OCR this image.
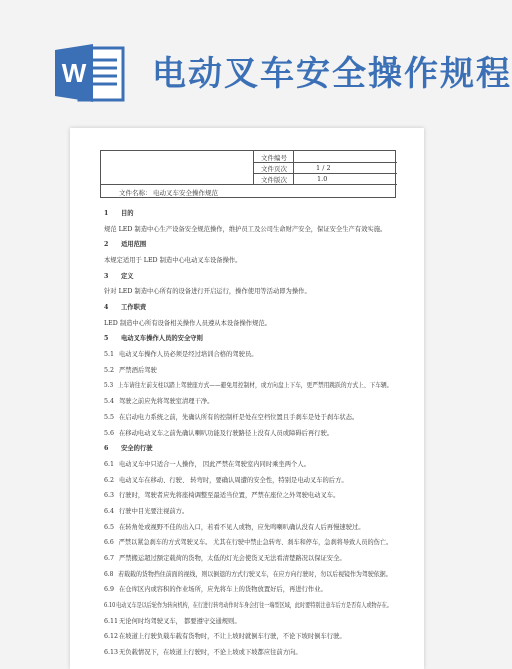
W 电动叉车安全操作规程
文件编号
文件页次	1 / 2
文件版次	1.0
文件名称： 电动叉车安全操作规范
1 目的
规范 LED 制造中心生产设备安全规范操作，维护员工及公司生命财产安全，保证安全生产有效实施。
2 适用范围
本规定适用于 LED 制造中心电动叉车设备操作。
3 定义
针对 LED 制造中心所有的设备进行开启运行，操作使用等活动即为操作。
4 工作职责
LED 制造中心所有设备相关操作人员遵从本设备操作规范。
5 电动叉车操作人员的安全守则
5.1 电动叉车操作人员必须是经过培训合格的驾驶员。
5.2 严禁酒后驾驶
5.3 上车请往左前支柱以踏上驾驶座方式——避免用控制材，或方向盘上下车，更严禁用跳跃的方式上、下车辆。
5.4 驾驶之前应先将驾驶室清理干净。
5.5 在启动电力系统之前，先确认所有的控制杆是处在空档位置且手刹车是处于刹车状态。
5.6 在移动电动叉车之前先确认喇叭功能及行驶路径上没有人员或障碍后再行驶。
6 安全的行驶
6.1 电动叉车中只适合一人操作， 因此严禁在驾驶室内同时乘坐两个人。
6.2 电动叉车在移动、行驶、 转弯时，要确认周遭的安全性，特别是电动叉车的后方。
6.3 行驶时，驾驶者应先将座椅调整至最适当位置，严禁在座位之外驾驶电动叉车。
6.4 行驶中目光要注视前方。
6.5 在转角处或视野不佳的出入口，若看不见人或物，应先鸣喇叭确认没有人后再慢速驶过。
6.6 严禁以紧急刹车的方式驾驶叉车。 尤其在行驶中禁止急转弯、刹车和停车，急刹将导致人员的伤亡。
6.7 严禁搬运超过额定载荷的货物，太低的灯光会使货叉无法看清楚路况以保证安全。
6.8 若载载的货物挡住前面的视线，则以倒退的方式行驶叉车，在应方向行驶时，勿以后视镜作为驾驶依据。
6.9 在仓库区内或容积的作业场所，应先将车上的货物放置好后，再进行作业。
6.10电动叉车是以后轮作为转向机构，在行进行转弯动作时车身会打往一端型区域，此时要特别注意车后方是否有人或物存在。
6.11无论何时均驾驶叉车， 都要遵守交通规则。
6.12在坡道上行驶负载车载有货物时，不让上坡时就倒车行驶，不论下坡时倒车行驶。
6.13无负载情况下，在坡道上行驶时，不论上坡或下坡都应往前方向。
